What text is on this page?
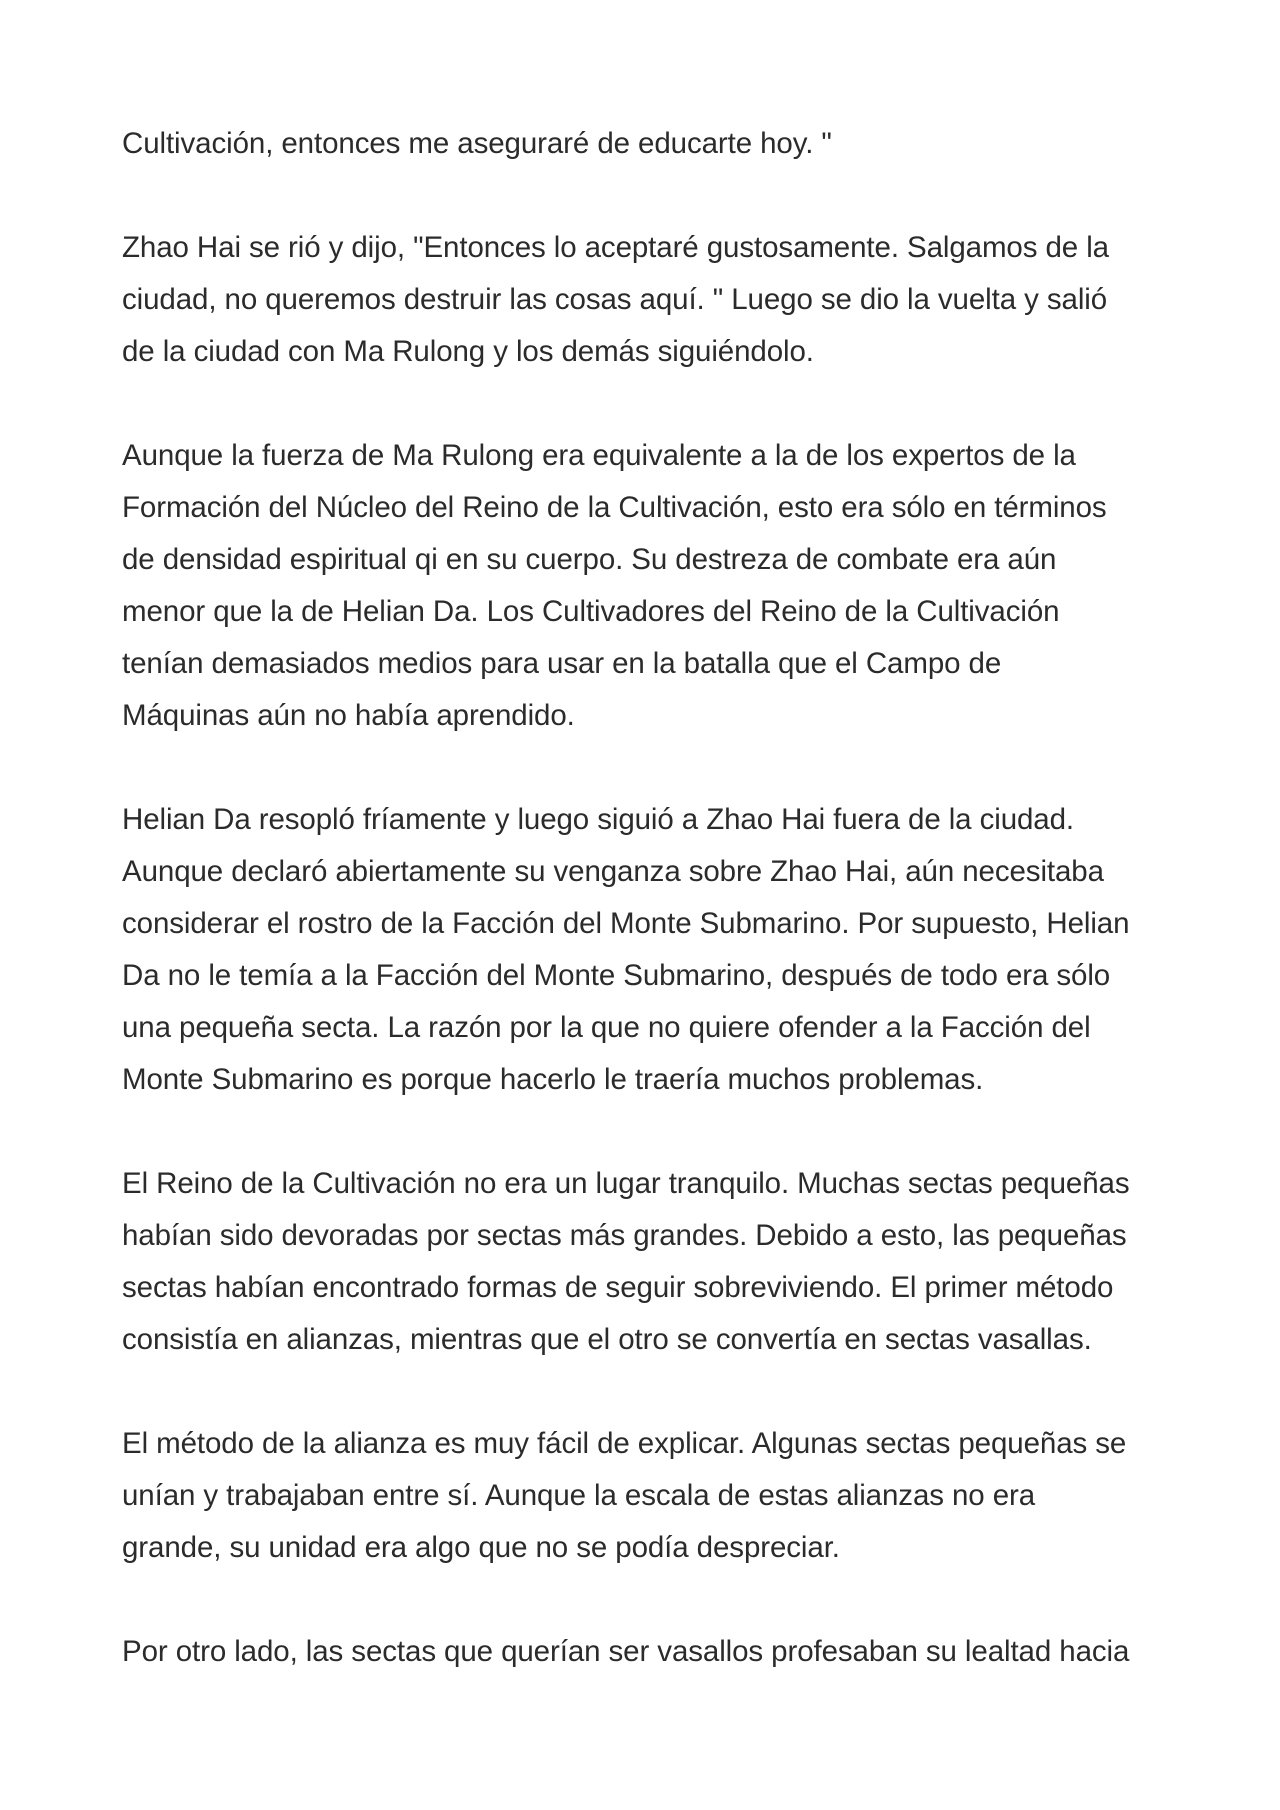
Cultivación, entonces me aseguraré de educarte hoy. "

Zhao Hai se rió y dijo, "Entonces lo aceptaré gustosamente. Salgamos de la
ciudad, no queremos destruir las cosas aquí. " Luego se dio la vuelta y salió
de la ciudad con Ma Rulong y los demás siguiéndolo.

Aunque la fuerza de Ma Rulong era equivalente a la de los expertos de la
Formación del Núcleo del Reino de la Cultivación, esto era sólo en términos
de densidad espiritual qi en su cuerpo. Su destreza de combate era aún
menor que la de Helian Da. Los Cultivadores del Reino de la Cultivación
tenían demasiados medios para usar en la batalla que el Campo de
Máquinas aún no había aprendido.

Helian Da resopló fríamente y luego siguió a Zhao Hai fuera de la ciudad.
Aunque declaró abiertamente su venganza sobre Zhao Hai, aún necesitaba
considerar el rostro de la Facción del Monte Submarino. Por supuesto, Helian
Da no le temía a la Facción del Monte Submarino, después de todo era sólo
una pequeña secta. La razón por la que no quiere ofender a la Facción del
Monte Submarino es porque hacerlo le traería muchos problemas.

El Reino de la Cultivación no era un lugar tranquilo. Muchas sectas pequeñas
habían sido devoradas por sectas más grandes. Debido a esto, las pequeñas
sectas habían encontrado formas de seguir sobreviviendo. El primer método
consistía en alianzas, mientras que el otro se convertía en sectas vasallas.

El método de la alianza es muy fácil de explicar. Algunas sectas pequeñas se
unían y trabajaban entre sí. Aunque la escala de estas alianzas no era
grande, su unidad era algo que no se podía despreciar.

Por otro lado, las sectas que querían ser vasallos profesaban su lealtad hacia
